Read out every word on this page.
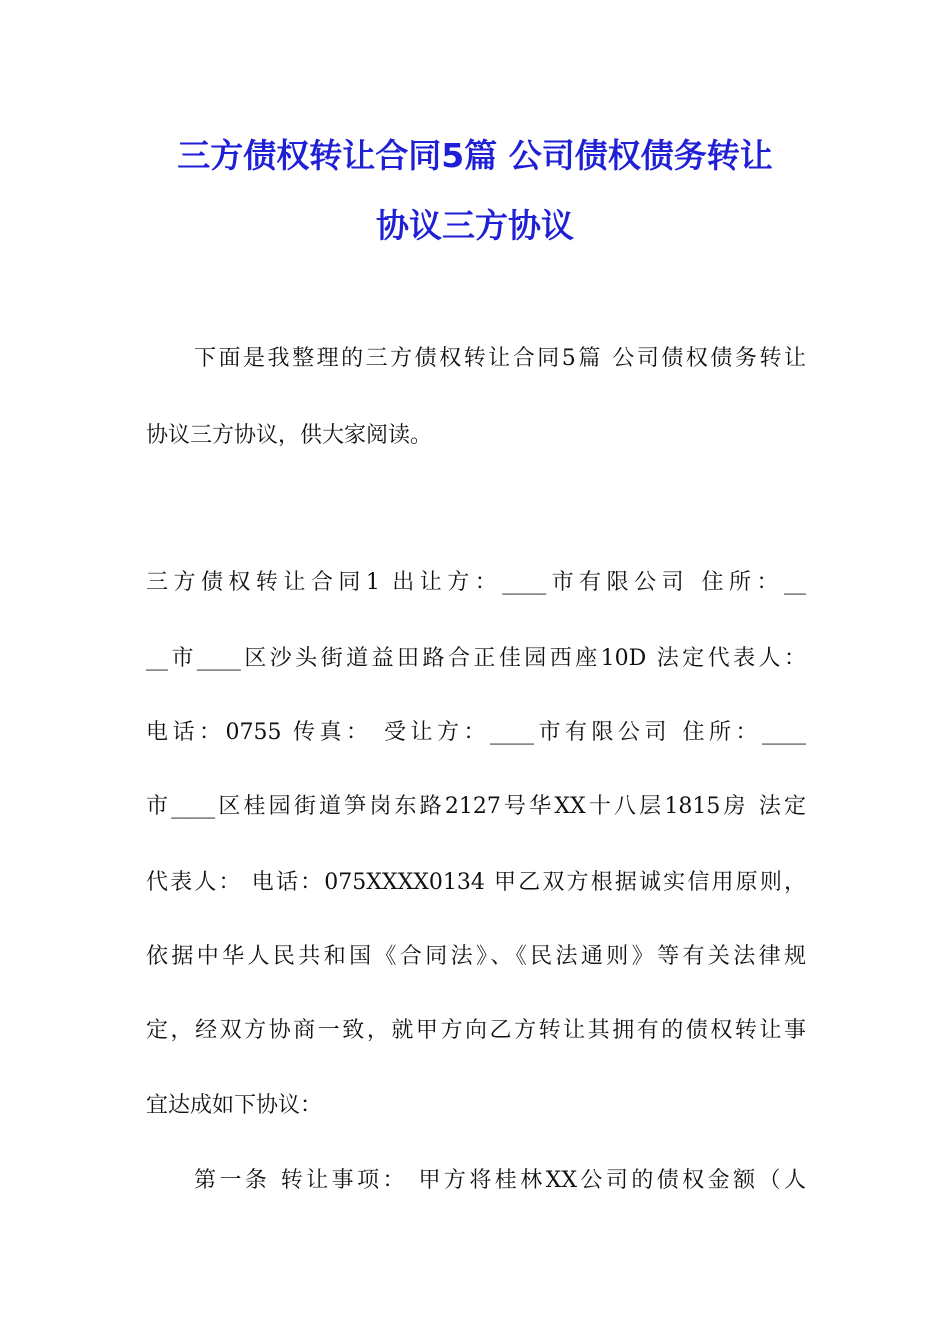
三方债权转让合同5篇 公司债权债务转让
协议三方协议
下面是我整理的三方债权转让合同5篇 公司债权债务转让
协议三方协议，供大家阅读。
三方债权转让合同1 出让方：____市有限公司 住所：__
__市____区沙头街道益田路合正佳园西座10D 法定代表人：
电话：0755 传真： 受让方：____市有限公司 住所：____
市____区桂园街道笋岗东路2127号华XX十八层1815房 法定
代表人： 电话：075XXXX0134 甲乙双方根据诚实信用原则，
依据中华人民共和国《合同法》、《民法通则》等有关法律规
定，经双方协商一致，就甲方向乙方转让其拥有的债权转让事
宜达成如下协议：
第一条 转让事项： 甲方将桂林XX公司的债权金额（人
